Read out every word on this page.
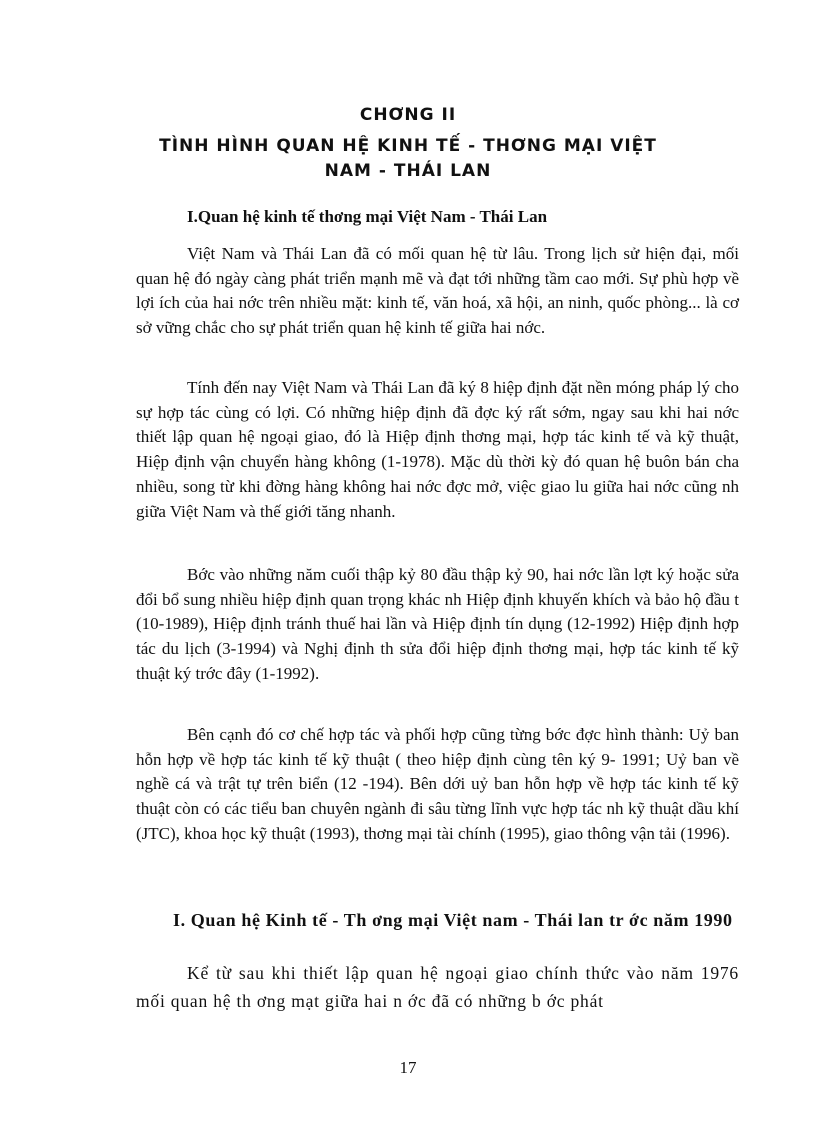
CHƠNG II
TÌNH HÌNH QUAN HỆ KINH TẾ - THƠNG MẠI VIỆT
NAM - THÁI LAN
I.Quan hệ kinh tế thơng mại Việt Nam - Thái Lan

Việt Nam và Thái Lan đã có mối quan hệ từ lâu. Trong lịch sử hiện đại, mối quan hệ đó ngày càng phát triển mạnh mẽ và đạt tới những tầm cao mới. Sự phù hợp về lợi ích của hai nớc trên nhiều mặt: kinh tế, văn hoá, xã hội, an ninh, quốc phòng... là cơ sở vững chắc cho sự phát triển quan hệ kinh tế giữa hai nớc.

Tính đến nay Việt Nam và Thái Lan đã ký 8 hiệp định đặt nền móng pháp lý cho sự hợp tác cùng có lợi. Có những hiệp định đã đợc ký rất sớm, ngay sau khi hai nớc thiết lập quan hệ ngoại giao, đó là Hiệp định thơng mại, hợp tác kinh tế và kỹ thuật, Hiệp định vận chuyển hàng không (1-1978). Mặc dù thời kỳ đó quan hệ buôn bán cha nhiều, song từ khi đờng hàng không hai nớc đợc mở, việc giao lu giữa hai nớc cũng nh giữa Việt Nam và thế giới tăng nhanh.

Bớc vào những năm cuối thập kỷ 80 đầu thập kỷ 90, hai nớc lần lợt ký hoặc sửa đổi bổ sung nhiều hiệp định quan trọng khác nh Hiệp định khuyến khích và bảo hộ đầu t (10-1989), Hiệp định tránh thuế hai lần và Hiệp định tín dụng (12-1992) Hiệp định hợp tác du lịch (3-1994) và Nghị định th sửa đổi hiệp định thơng mại, hợp tác kinh tế kỹ thuật ký trớc đây (1-1992).

Bên cạnh đó cơ chế hợp tác và phối hợp cũng từng bớc đợc hình thành: Uỷ ban hỗn hợp về hợp tác kinh tế kỹ thuật ( theo hiệp định cùng tên ký 9- 1991; Uỷ ban về nghề cá và trật tự trên biển (12 -194). Bên dới uỷ ban hỗn hợp về hợp tác kinh tế kỹ thuật còn có các tiểu ban chuyên ngành đi sâu từng lĩnh vực hợp tác nh kỹ thuật dầu khí (JTC), khoa học kỹ thuật (1993), thơng mại tài chính (1995), giao thông vận tải (1996).

I. Quan hệ Kinh tế - Th ơng mại Việt nam - Thái lan tr ớc năm 1990

Kể từ sau khi thiết lập quan hệ ngoại giao chính thức vào năm 1976 mối quan hệ th ơng mạt giữa hai n ớc đã có những b ớc phát

17
